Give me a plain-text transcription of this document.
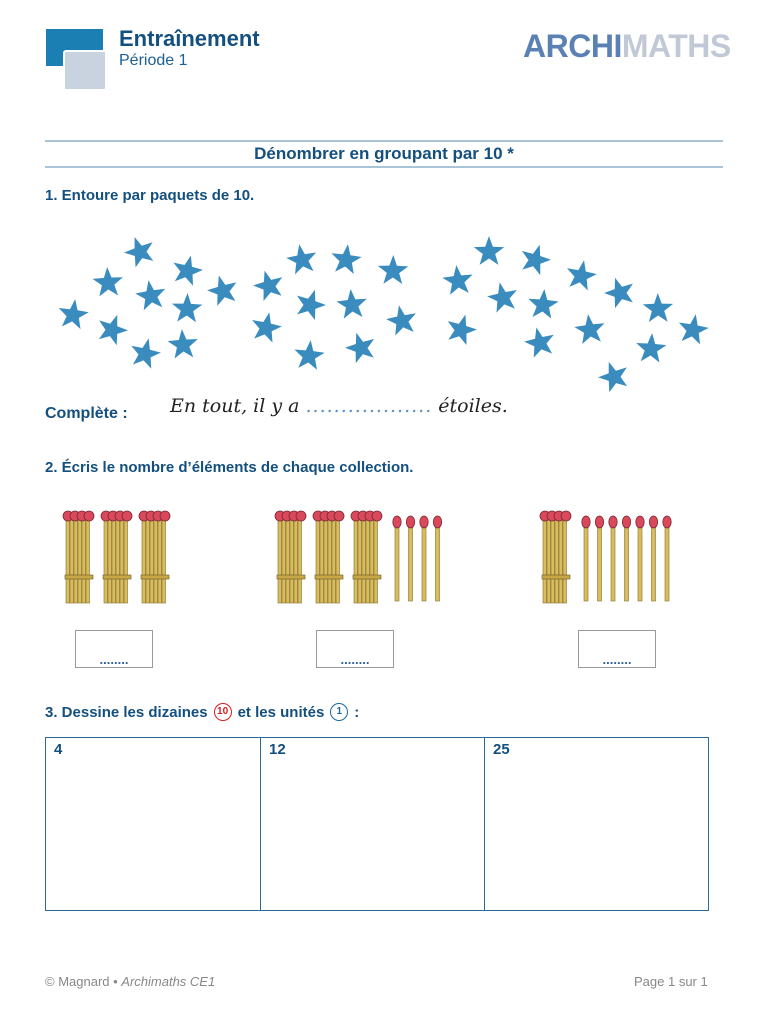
Entraînement
Période 1	ARCHIMATHS
Dénombrer en groupant par 10 *
1. Entoure par paquets de 10.
Complète : En tout, il y a .................. étoiles.
2. Écris le nombre d’éléments de chaque collection.
........	........	........
3. Dessine les dizaines 10 et les unités	1 :
4	12	25
© Magnard • Archimaths CE1	Page 1 sur 1
